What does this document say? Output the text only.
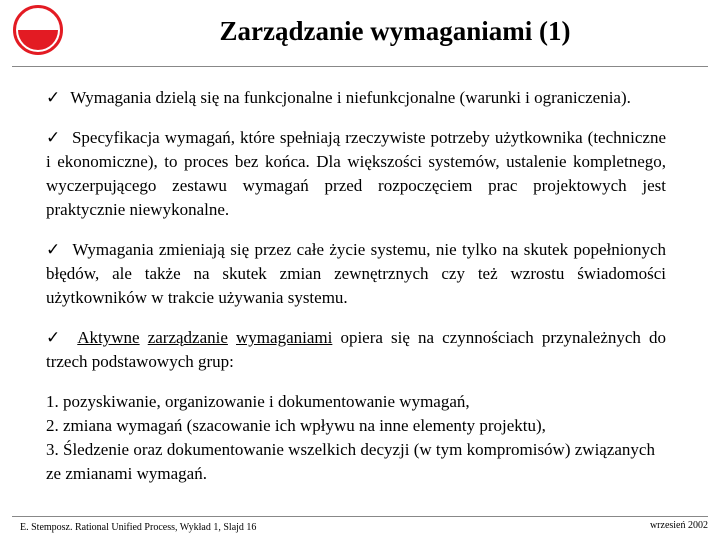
Zarządzanie wymaganiami (1)

✓ Wymagania dzielą się na funkcjonalne i niefunkcjonalne (warunki i ograniczenia).

✓ Specyfikacja wymagań, które spełniają rzeczywiste potrzeby użytkownika (techniczne i ekonomiczne), to proces bez końca. Dla większości systemów, ustalenie kompletnego, wyczerpującego zestawu wymagań przed rozpoczęciem prac projektowych jest praktycznie niewykonalne.

✓ Wymagania zmieniają się przez całe życie systemu, nie tylko na skutek popełnionych błędów, ale także na skutek zmian zewnętrznych czy też wzrostu świadomości użytkowników w trakcie używania systemu.

✓ Aktywne zarządzanie wymaganiami opiera się na czynnościach przynależnych do trzech podstawowych grup:

1. pozyskiwanie, organizowanie i dokumentowanie wymagań,
2. zmiana wymagań (szacowanie ich wpływu na inne elementy projektu),
3. Śledzenie oraz dokumentowanie wszelkich decyzji (w tym kompromisów) związanych ze zmianami wymagań.
E. Stemposz. Rational Unified Process, Wykład 1, Slajd 16	wrzesień 2002
